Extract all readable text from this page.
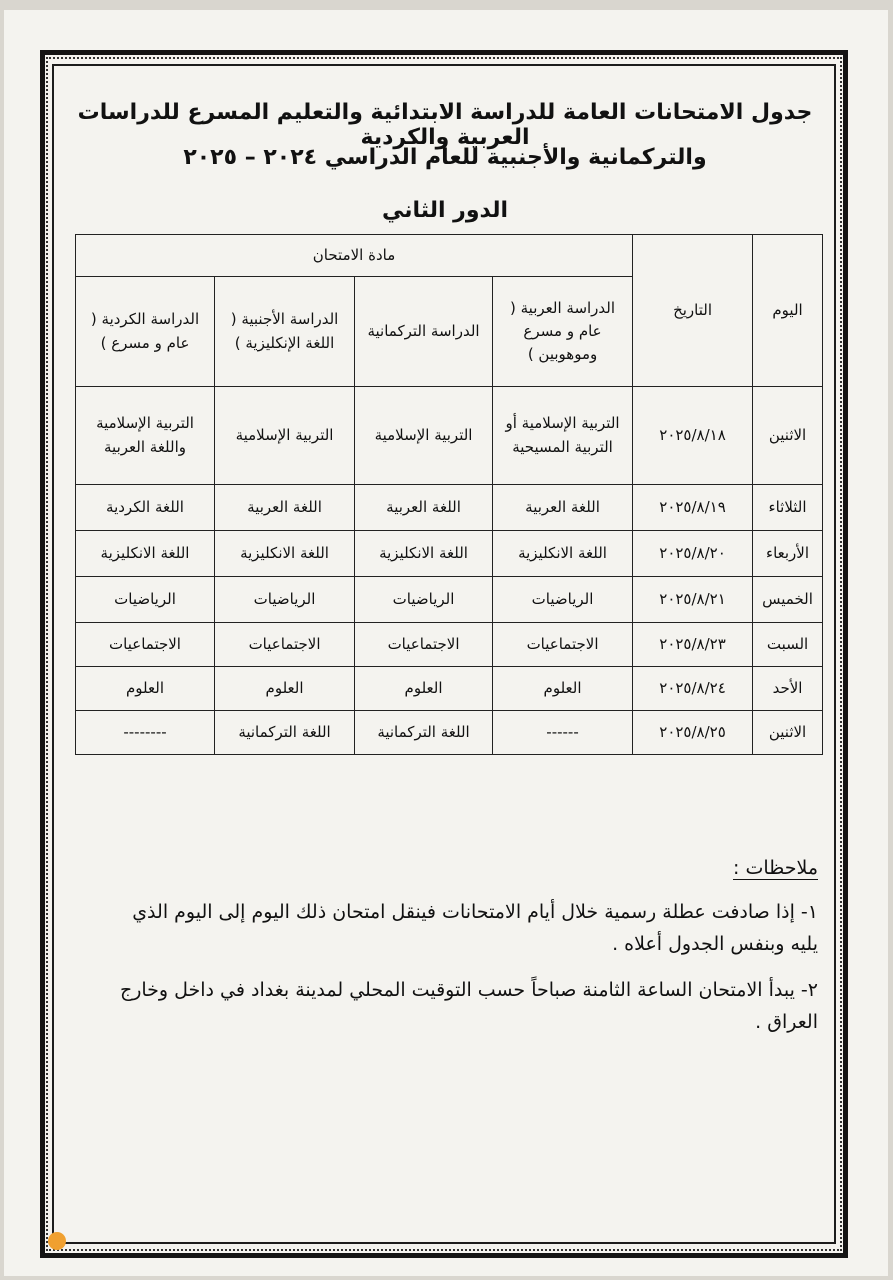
جدول الامتحانات العامة للدراسة الابتدائية والتعليم المسرع للدراسات العربية والكردية
والتركمانية والأجنبية للعام الدراسي ٢٠٢٤ – ٢٠٢٥
الدور الثاني
اليوم	التاريخ	مادة الامتحان			
		الدراسة العربية ( عام و مسرع وموهوبين )	الدراسة التركمانية	الدراسة الأجنبية ( اللغة الإنكليزية )	الدراسة الكردية ( عام و مسرع )
الاثنين	٢٠٢٥/٨/١٨	التربية الإسلامية أو التربية المسيحية	التربية الإسلامية	التربية الإسلامية	التربية الإسلامية واللغة العربية
الثلاثاء	٢٠٢٥/٨/١٩	اللغة العربية	اللغة العربية	اللغة العربية	اللغة الكردية
الأربعاء	٢٠٢٥/٨/٢٠	اللغة الانكليزية	اللغة الانكليزية	اللغة الانكليزية	اللغة الانكليزية
الخميس	٢٠٢٥/٨/٢١	الرياضيات	الرياضيات	الرياضيات	الرياضيات
السبت	٢٠٢٥/٨/٢٣	الاجتماعيات	الاجتماعيات	الاجتماعيات	الاجتماعيات
الأحد	٢٠٢٥/٨/٢٤	العلوم	العلوم	العلوم	العلوم
الاثنين	٢٠٢٥/٨/٢٥	------	اللغة التركمانية	اللغة التركمانية	--------
ملاحظات :
١- إذا صادفت عطلة رسمية خلال أيام الامتحانات فينقل امتحان ذلك اليوم إلى اليوم الذي يليه وبنفس الجدول أعلاه .
٢- يبدأ الامتحان الساعة الثامنة صباحاً حسب التوقيت المحلي لمدينة بغداد في داخل وخارج العراق .
